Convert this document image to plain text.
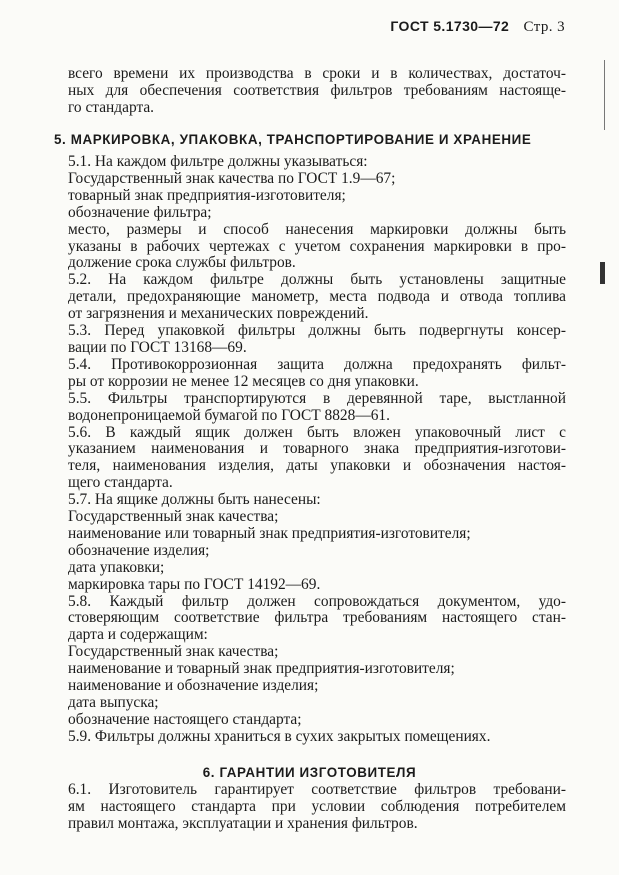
ГОСТ 5.1730—72 Стр. 3
всего времени их производства в сроки и в количествах, достаточ-
ных для обеспечения соответствия фильтров требованиям настояще-
го стандарта.
5. МАРКИРОВКА, УПАКОВКА, ТРАНСПОРТИРОВАНИЕ И ХРАНЕНИЕ
5.1. На каждом фильтре должны указываться:
Государственный знак качества по ГОСТ 1.9—67;
товарный знак предприятия-изготовителя;
обозначение фильтра;
место, размеры и способ нанесения маркировки должны быть
указаны в рабочих чертежах с учетом сохранения маркировки в про-
должение срока службы фильтров.
5.2. На каждом фильтре должны быть установлены защитные
детали, предохраняющие манометр, места подвода и отвода топлива
от загрязнения и механических повреждений.
5.3. Перед упаковкой фильтры должны быть подвергнуты консер-
вации по ГОСТ 13168—69.
5.4. Противокоррозионная защита должна предохранять фильт-
ры от коррозии не менее 12 месяцев со дня упаковки.
5.5. Фильтры транспортируются в деревянной таре, выстланной
водонепроницаемой бумагой по ГОСТ 8828—61.
5.6. В каждый ящик должен быть вложен упаковочный лист с
указанием наименования и товарного знака предприятия-изготови-
теля, наименования изделия, даты упаковки и обозначения настоя-
щего стандарта.
5.7. На ящике должны быть нанесены:
Государственный знак качества;
наименование или товарный знак предприятия-изготовителя;
обозначение изделия;
дата упаковки;
маркировка тары по ГОСТ 14192—69.
5.8. Каждый фильтр должен сопровождаться документом, удо-
стоверяющим соответствие фильтра требованиям настоящего стан-
дарта и содержащим:
Государственный знак качества;
наименование и товарный знак предприятия-изготовителя;
наименование и обозначение изделия;
дата выпуска;
обозначение настоящего стандарта;
5.9. Фильтры должны храниться в сухих закрытых помещениях.
6. ГАРАНТИИ ИЗГОТОВИТЕЛЯ
6.1. Изготовитель гарантирует соответствие фильтров требовани-
ям настоящего стандарта при условии соблюдения потребителем
правил монтажа, эксплуатации и хранения фильтров.
